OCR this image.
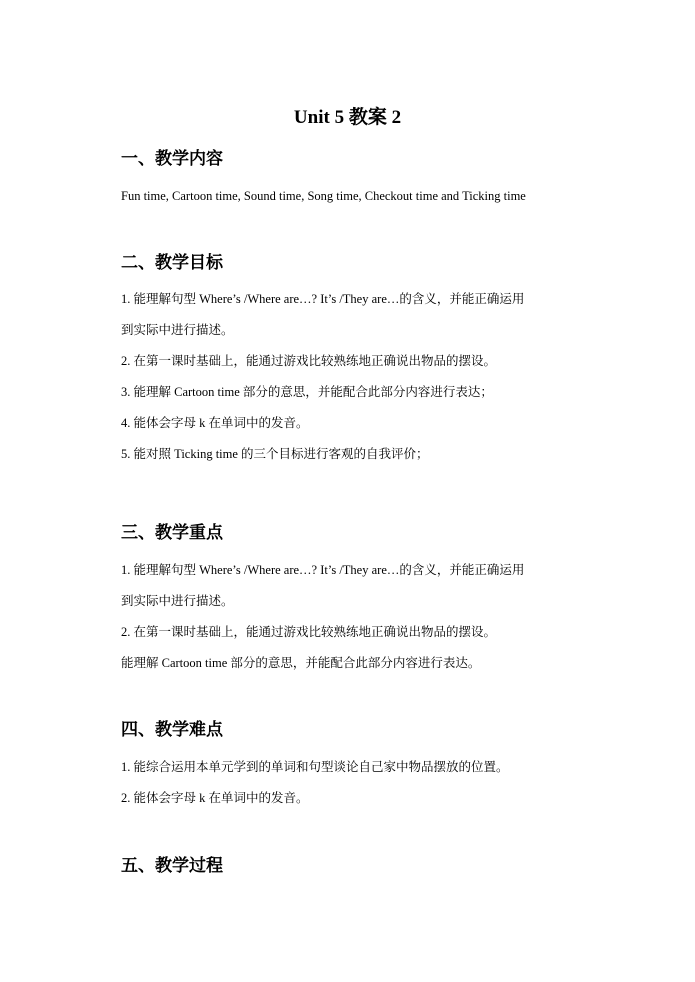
Unit 5 教案 2
一、教学内容
Fun time, Cartoon time, Sound time, Song time, Checkout time and Ticking time
二、教学目标
1. 能理解句型 Where’s /Where are…? It’s /They are…的含义，并能正确运用
到实际中进行描述。
2. 在第一课时基础上，能通过游戏比较熟练地正确说出物品的摆设。
3. 能理解 Cartoon time 部分的意思，并能配合此部分内容进行表达；
4. 能体会字母 k 在单词中的发音。
5. 能对照 Ticking time 的三个目标进行客观的自我评价；
三、教学重点
1. 能理解句型 Where’s /Where are…? It’s /They are…的含义，并能正确运用
到实际中进行描述。
2. 在第一课时基础上，能通过游戏比较熟练地正确说出物品的摆设。
能理解 Cartoon time 部分的意思，并能配合此部分内容进行表达。
四、教学难点
1. 能综合运用本单元学到的单词和句型谈论自己家中物品摆放的位置。
2. 能体会字母 k 在单词中的发音。
五、教学过程
